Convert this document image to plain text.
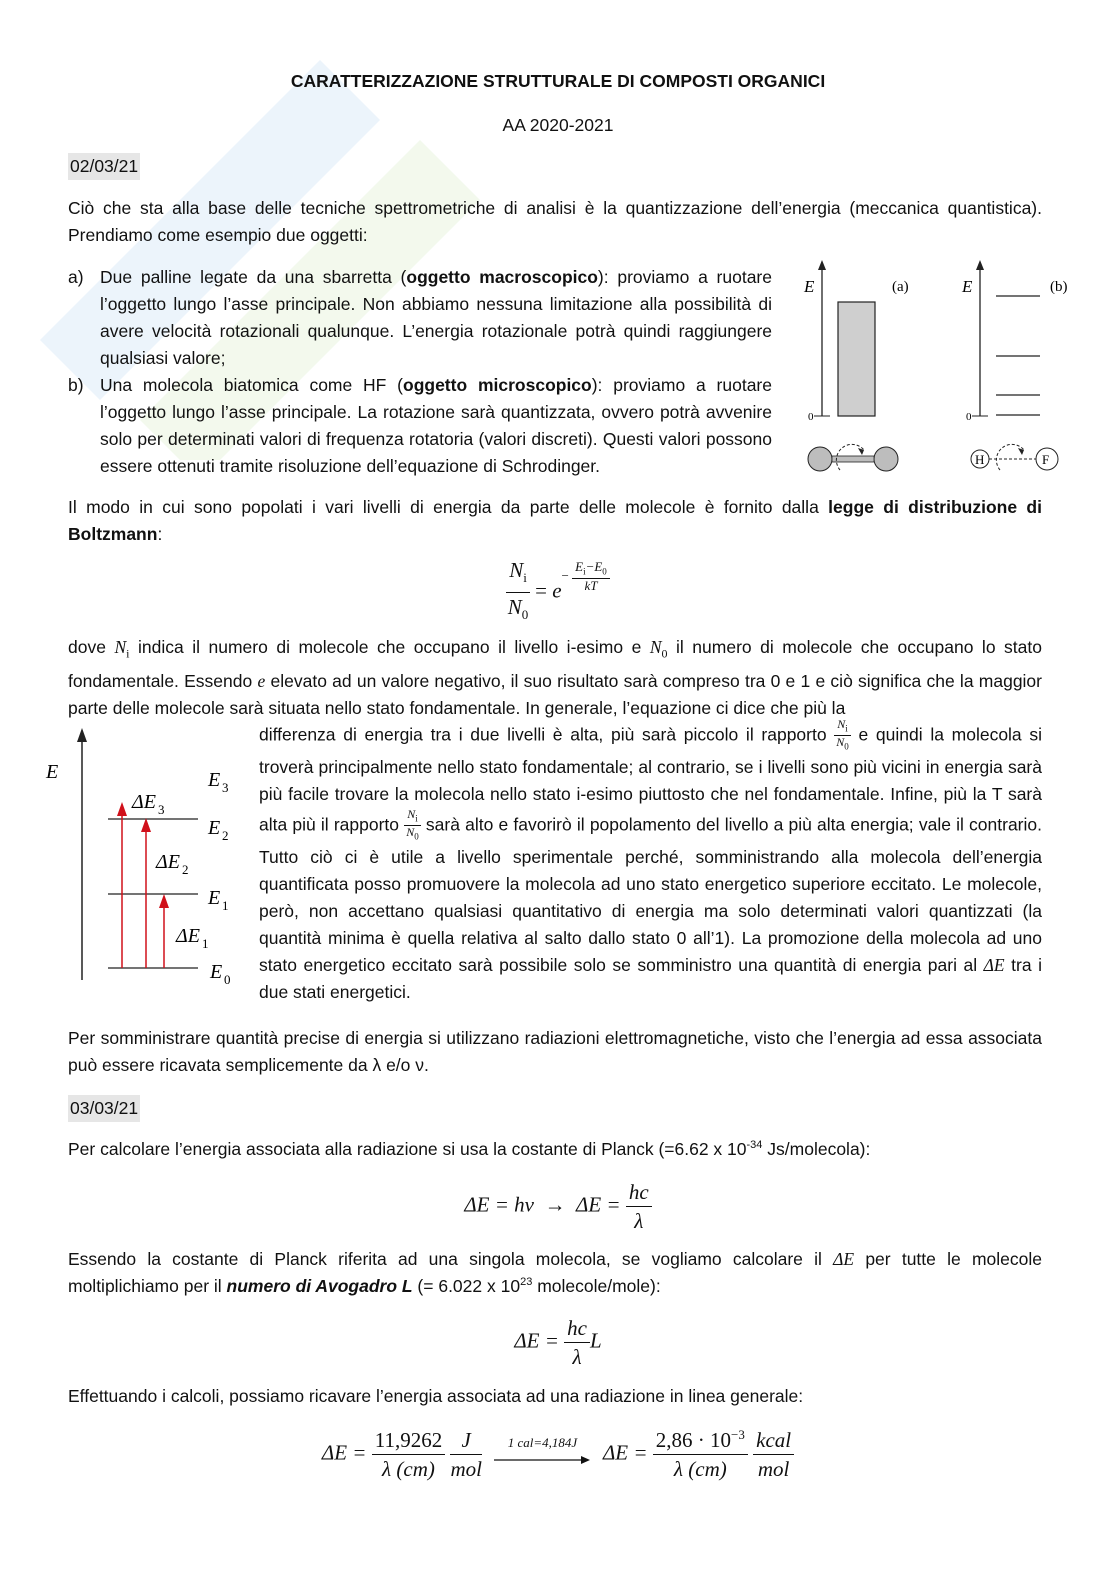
CARATTERIZZAZIONE STRUTTURALE DI COMPOSTI ORGANICI
AA 2020-2021
02/03/21
Ciò che sta alla base delle tecniche spettrometriche di analisi è la quantizzazione dell’energia (meccanica quantistica). Prendiamo come esempio due oggetti:
a) Due palline legate da una sbarretta (oggetto macroscopico): proviamo a ruotare l’oggetto lungo l’asse principale. Non abbiamo nessuna limitazione alla possibilità di avere velocità rotazionali qualunque. L’energia rotazionale potrà quindi raggiungere qualsiasi valore;
b) Una molecola biatomica come HF (oggetto microscopico): proviamo a ruotare l’oggetto lungo l’asse principale. La rotazione sarà quantizzata, ovvero potrà avvenire solo per determinati valori di frequenza rotatoria (valori discreti). Questi valori possono essere ottenuti tramite risoluzione dell’equazione di Schrodinger.
E	(a)
0
E	(b)
0
H	F
Il modo in cui sono popolati i vari livelli di energia da parte delle molecole è fornito dalla legge di distribuzione di Boltzmann:
$\frac{N_i}{N_0} = e- \frac{E_i-E_0}{kT}$
dove $N_i$ indica il numero di molecole che occupano il livello i-esimo e $N_0$ il numero di molecole che occupano lo stato fondamentale. Essendo e elevato ad un valore negativo, il suo risultato sarà compreso tra 0 e 1 e ciò significa che la maggior parte delle molecole sarà situata nello stato fondamentale. In generale, l’equazione ci dice che più la
E
E 0
E 1
E 2
E 3
ΔE 3
ΔE 2
ΔE 1
differenza di energia tra i due livelli è alta, più sarà piccolo il rapporto $\frac{N_i}{N_0}$ e quindi la molecola si troverà principalmente nello stato fondamentale; al contrario, se i livelli sono più vicini in energia sarà più facile trovare la molecola nello stato i-esimo piuttosto che nel fondamentale. Infine, più la T sarà alta più il rapporto $\frac{N_i}{N_0}$ sarà alto e favorirò il popolamento del livello a più alta energia; vale il contrario. Tutto ciò ci è utile a livello sperimentale perché, somministrando alla molecola dell’energia quantificata posso promuovere la molecola ad uno stato energetico superiore eccitato. Le molecole, però, non accettano qualsiasi quantitativo di energia ma solo determinati valori quantizzati (la quantità minima è quella relativa al salto dallo stato 0 all’1). La promozione della molecola ad uno stato energetico eccitato sarà possibile solo se somministro una quantità di energia pari al ΔE tra i due stati energetici.
Per somministrare quantità precise di energia si utilizzano radiazioni elettromagnetiche, visto che l’energia ad essa associata può essere ricavata semplicemente da λ e/o ν.
03/03/21
Per calcolare l’energia associata alla radiazione si usa la costante di Planck (=6.62 x $10^{-34}$ Js/molecola):
$\Delta E = h\nu \to \Delta E = \frac{hc}{\lambda}$
Essendo la costante di Planck riferita ad una singola molecola, se vogliamo calcolare il ΔE per tutte le molecole moltiplichiamo per il numero di Avogadro L (= 6.022 x $10^{23}$ molecole/mole):
$\Delta E = \frac{hc}{\lambda}$ L
Effettuando i calcoli, possiamo ricavare l’energia associata ad una radiazione in linea generale:
$\Delta E = \frac{11,9262}{\lambda (cm)}$
$\frac{J}{\text{mol}}$
	1 cal=4,184J	$\Delta E = \frac{2,86 \cdot 10^{-3}}{\lambda (cm)}$
$\frac{\text{kcal}}{\text{mol}}$
